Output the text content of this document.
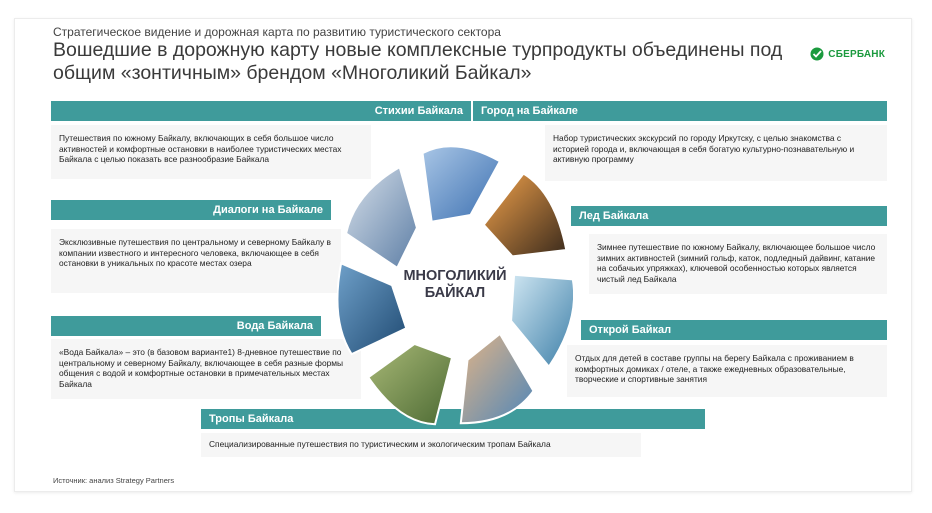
Стратегическое видение и дорожная карта по развитию туристического сектора
Вошедшие в дорожную карту новые комплексные турпродукты объединены под общим «зонтичным» брендом «Многоликий Байкал»
СБЕРБАНК
Стихии Байкала
Путешествия по южному Байкалу, включающих в себя большое число активностей и комфортные остановки в наиболее туристических местах Байкала с целью показать все разнообразие Байкала
Диалоги на Байкале
Эксклюзивные путешествия по центральному и северному Байкалу в компании известного и интересного человека, включающее в себя остановки в уникальных по красоте местах озера
Вода Байкала
«Вода Байкала» – это (в базовом варианте1) 8-дневное путешествие по центральному и северному Байкалу, включающее в себя разные формы общения с водой и комфортные остановки в примечательных местах Байкала
Город на Байкале
Набор туристических экскурсий по городу Иркутску, с целью знакомства с историей города и, включающая в себя богатую культурно-познавательную и активную программу
Лед Байкала
Зимнее путешествие по южному Байкалу, включающее большое число зимних активностей (зимний гольф, каток, подледный дайвинг, катание на собачьих упряжках), ключевой особенностью которых является чистый лед Байкала
Открой Байкал
Отдых для детей в составе группы на берегу Байкала с проживанием в комфортных домиках / отеле, а также ежедневных образовательные, творческие и спортивные занятия
Тропы Байкала
Специализированные путешествия по туристическим и экологическим тропам Байкала
МНОГОЛИКИЙ
БАЙКАЛ
Источник: анализ Strategy Partners
